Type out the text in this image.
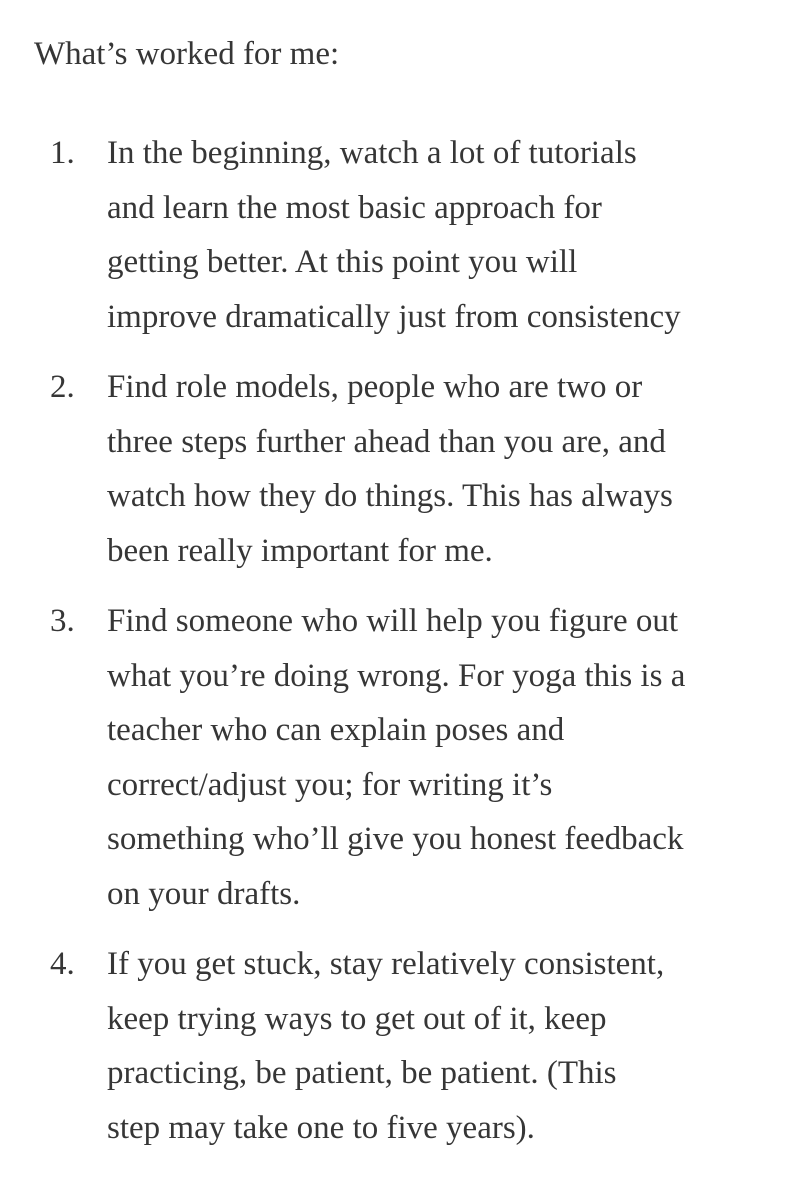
What’s worked for me:

1. In the beginning, watch a lot of tutorials
and learn the most basic approach for
getting better. At this point you will
improve dramatically just from consistency
2. Find role models, people who are two or
three steps further ahead than you are, and
watch how they do things. This has always
been really important for me.
3. Find someone who will help you figure out
what you’re doing wrong. For yoga this is a
teacher who can explain poses and
correct/adjust you; for writing it’s
something who’ll give you honest feedback
on your drafts.
4. If you get stuck, stay relatively consistent,
keep trying ways to get out of it, keep
practicing, be patient, be patient. (This
step may take one to five years).
